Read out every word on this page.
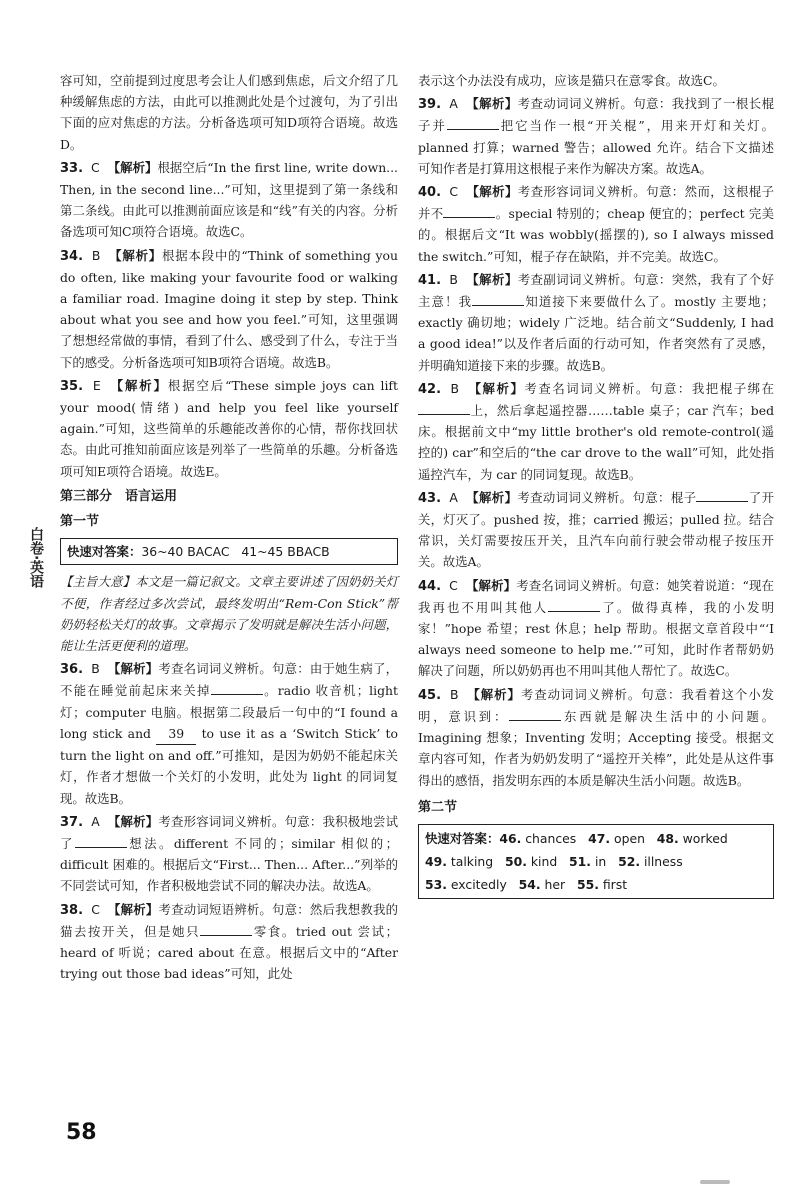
白卷·英语

容可知，空前提到过度思考会让人们感到焦虑，后文介绍了几种缓解焦虑的方法，由此可以推测此处是个过渡句，为了引出下面的应对焦虑的方法。分析备选项可知D项符合语境。故选D。

33. C 【解析】根据空后“In the first line, write down... Then, in the second line...”可知，这里提到了第一条线和第二条线。由此可以推测前面应该是和“线”有关的内容。分析备选项可知C项符合语境。故选C。

34. B 【解析】根据本段中的“Think of something you do often, like making your favourite food or walking a familiar road. Imagine doing it step by step. Think about what you see and how you feel.”可知，这里强调了想想经常做的事情，看到了什么、感受到了什么，专注于当下的感受。分析备选项可知B项符合语境。故选B。

35. E 【解析】根据空后“These simple joys can lift your mood(情绪) and help you feel like yourself again.”可知，这些简单的乐趣能改善你的心情，帮你找回状态。由此可推知前面应该是列举了一些简单的乐趣。分析备选项可知E项符合语境。故选E。

第三部分　语言运用
第一节
快速对答案：36~40 BACAC 41~45 BBACB

【主旨大意】本文是一篇记叙文。文章主要讲述了因奶奶关灯不便，作者经过多次尝试，最终发明出“Rem-Con Stick”帮奶奶轻松关灯的故事。文章揭示了发明就是解决生活小问题，能让生活更便利的道理。

36. B 【解析】考查名词词义辨析。句意：由于她生病了，不能在睡觉前起床来关掉	。radio 收音机；light 灯；computer 电脑。根据第二段最后一句中的“I found a long stick and 39 to use it as a ‘Switch Stick’ to turn the light on and off.”可推知，是因为奶奶不能起床关灯，作者才想做一个关灯的小发明，此处为 light 的同词复现。故选B。

37. A 【解析】考查形容词词义辨析。句意：我积极地尝试了	想法。different 不同的；similar 相似的；difficult 困难的。根据后文“First... Then... After...”列举的不同尝试可知，作者积极地尝试不同的解决办法。故选A。

38. C 【解析】考查动词短语辨析。句意：然后我想教我的猫去按开关，但是她只	零食。tried out 尝试；heard of 听说；cared about 在意。根据后文中的“After trying out those bad ideas”可知，此处

表示这个办法没有成功，应该是猫只在意零食。故选C。

39. A 【解析】考查动词词义辨析。句意：我找到了一根长棍子并	把它当作一根“开关棍”，用来开灯和关灯。planned 打算；warned 警告；allowed 允许。结合下文描述可知作者是打算用这根棍子来作为解决方案。故选A。

40. C 【解析】考查形容词词义辨析。句意：然而，这根棍子并不	。special 特别的；cheap 便宜的；perfect 完美的。根据后文“It was wobbly(摇摆的), so I always missed the switch.”可知，棍子存在缺陷，并不完美。故选C。

41. B 【解析】考查副词词义辨析。句意：突然，我有了个好主意！我	知道接下来要做什么了。mostly 主要地；exactly 确切地；widely 广泛地。结合前文“Suddenly, I had a good idea!”以及作者后面的行动可知，作者突然有了灵感，并明确知道接下来的步骤。故选B。

42. B 【解析】考查名词词义辨析。句意：我把棍子绑在上，然后拿起遥控器……table 桌子；car 汽车；bed 床。根据前文中“my little brother's old remote-control(遥控的) car”和空后的“the car drove to the wall”可知，此处指遥控汽车，为 car 的同词复现。故选B。

43. A 【解析】考查动词词义辨析。句意：棍子	了开关，灯灭了。pushed 按，推；carried 搬运；pulled 拉。结合常识，关灯需要按压开关，且汽车向前行驶会带动棍子按压开关。故选A。

44. C 【解析】考查名词词义辨析。句意：她笑着说道：“现在我再也不用叫其他人	了。做得真棒，我的小发明家！”hope 希望；rest 休息；help 帮助。根据文章首段中“‘I always need someone to help me.’”可知，此时作者帮奶奶解决了问题，所以奶奶再也不用叫其他人帮忙了。故选C。

45. B 【解析】考查动词词义辨析。句意：我看着这个小发明，意识到：	东西就是解决生活中的小问题。Imagining 想象；Inventing 发明；Accepting 接受。根据文章内容可知，作者为奶奶发明了“遥控开关棒”，此处是从这件事得出的感悟，指发明东西的本质是解决生活小问题。故选B。

第二节
快速对答案：46. chances 47. open 48. worked
49. talking 50. kind 51. in 52. illness
53. excitedly 54. her 55. first
58
